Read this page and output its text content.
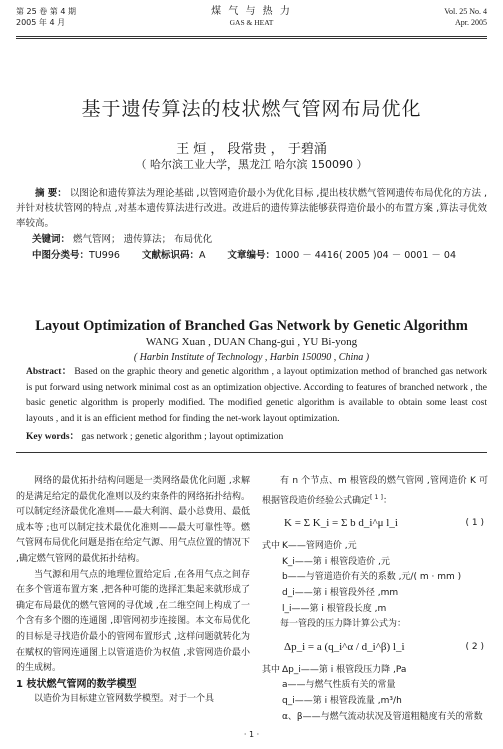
第 25 卷 第 4 期
2005 年 4 月
煤 气 与 热 力
GAS & HEAT
Vol. 25 No. 4
Apr. 2005
基于遗传算法的枝状燃气管网布局优化
王 烜 ， 段常贵 ， 于碧涌
（ 哈尔滨工业大学，黑龙江 哈尔滨 150090 ）
摘 要： 以图论和遗传算法为理论基础 ,以管网造价最小为优化目标 ,提出枝状燃气管网遗传布局优化的方法 ,并针对枝状管网的特点 ,对基本遗传算法进行改进。改进后的遗传算法能够获得造价最小的布置方案 ,算法寻优效率较高。
关键词： 燃气管网； 遗传算法； 布局优化
中图分类号：TU996 文献标识码：A 文章编号：1000 － 4416( 2005 )04 － 0001 － 04
Layout Optimization of Branched Gas Network by Genetic Algorithm
WANG Xuan , DUAN Chang-gui , YU Bi-yong
( Harbin Institute of Technology , Harbin 150090 , China )
Abstract： Based on the graphic theory and genetic algorithm , a layout optimization method of branched gas network is put forward using network minimal cost as an optimization objective. According to features of branched network , the basic genetic algorithm is properly modified. The modified genetic algorithm is available to obtain some least cost layouts , and it is an efficient method for finding the net-work layout optimization.
Key words： gas network ; genetic algorithm ; layout optimization

网络的最优拓扑结构问题是一类网络最优化问题 ,求解的是满足给定的最优化准则以及约束条件的网络拓扑结构。可以制定经济最优化准则——最大利润、最小总费用、最低成本等 ;也可以制定技术最优化准则——最大可靠性等。燃气管网布局优化问题是指在给定气源、用气点位置的情况下 ,确定燃气管网的最优拓扑结构。

当气源和用气点的地理位置给定后 ,在各用气点之间存在多个管道布置方案 ,把各种可能的选择汇集起来就形成了确定布局最优的燃气管网的寻优域 ,在二维空间上构成了一个含有多个圈的连通图 ,即管网初步连接图。本文布局优化的目标是寻找造价最小的管网布置形式 ,这样问题就转化为在赋权的管网连通图上以管道造价为权值 ,求管网造价最小的生成树。

1 枝状燃气管网的数学模型

以造价为目标建立管网数学模型。对于一个具

有 n 个节点、m 根管段的燃气管网 ,管网造价 K 可根据管段造价经验公式确定[ 1 ]：

K = Σ K_i = Σ b d_i^μ l_i	( 1 )
式中 K——管网造价 ,元
K_i——第 i 根管段造价 ,元
b——与管道造价有关的系数 ,元/( m · mm )
d_i——第 i 根管段外径 ,mm
l_i——第 i 根管段长度 ,m

每一管段的压力降计算公式为：

Δp_i = a (q_i^α / d_i^β) l_i	( 2 )
其中 Δp_i——第 i 根管段压力降 ,Pa
a——与燃气性质有关的常量
q_i——第 i 根管段流量 ,m³/h
α、β——与燃气流动状况及管道粗糙度有关的常数
· 1 ·
